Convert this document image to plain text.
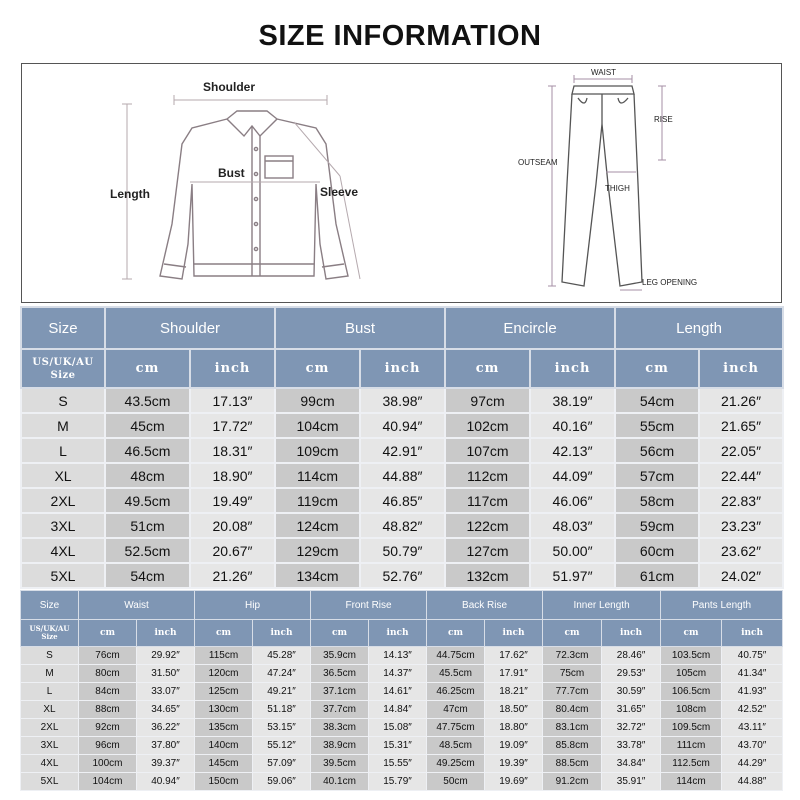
SIZE INFORMATION
Shoulder
Bust
Length	Sleeve
WAIST
RISE
OUTSEAM
THIGH
LEG OPENING
Size	Shoulder		Bust		Encircle		Length	
US/UK/AU Size	cm	inch	cm	inch	cm	inch	cm	inch
S	43.5cm	17.13″	99cm	38.98″	97cm	38.19″	54cm	21.26″
M	45cm	17.72″	104cm	40.94″	102cm	40.16″	55cm	21.65″
L	46.5cm	18.31″	109cm	42.91″	107cm	42.13″	56cm	22.05″
XL	48cm	18.90″	114cm	44.88″	112cm	44.09″	57cm	22.44″
2XL	49.5cm	19.49″	119cm	46.85″	117cm	46.06″	58cm	22.83″
3XL	51cm	20.08″	124cm	48.82″	122cm	48.03″	59cm	23.23″
4XL	52.5cm	20.67″	129cm	50.79″	127cm	50.00″	60cm	23.62″
5XL	54cm	21.26″	134cm	52.76″	132cm	51.97″	61cm	24.02″
Size	Waist		Hip		Front Rise		Back Rise		Inner Length		Pants Length	
US/UK/AU Size	cm	inch	cm	inch	cm	inch	cm	inch	cm	inch	cm	inch
S	76cm	29.92″	115cm	45.28″	35.9cm	14.13″	44.75cm	17.62″	72.3cm	28.46″	103.5cm	40.75″
M	80cm	31.50″	120cm	47.24″	36.5cm	14.37″	45.5cm	17.91″	75cm	29.53″	105cm	41.34″
L	84cm	33.07″	125cm	49.21″	37.1cm	14.61″	46.25cm	18.21″	77.7cm	30.59″	106.5cm	41.93″
XL	88cm	34.65″	130cm	51.18″	37.7cm	14.84″	47cm	18.50″	80.4cm	31.65″	108cm	42.52″
2XL	92cm	36.22″	135cm	53.15″	38.3cm	15.08″	47.75cm	18.80″	83.1cm	32.72″	109.5cm	43.11″
3XL	96cm	37.80″	140cm	55.12″	38.9cm	15.31″	48.5cm	19.09″	85.8cm	33.78″	111cm	43.70″
4XL	100cm	39.37″	145cm	57.09″	39.5cm	15.55″	49.25cm	19.39″	88.5cm	34.84″	112.5cm	44.29″
5XL	104cm	40.94″	150cm	59.06″	40.1cm	15.79″	50cm	19.69″	91.2cm	35.91″	114cm	44.88″
